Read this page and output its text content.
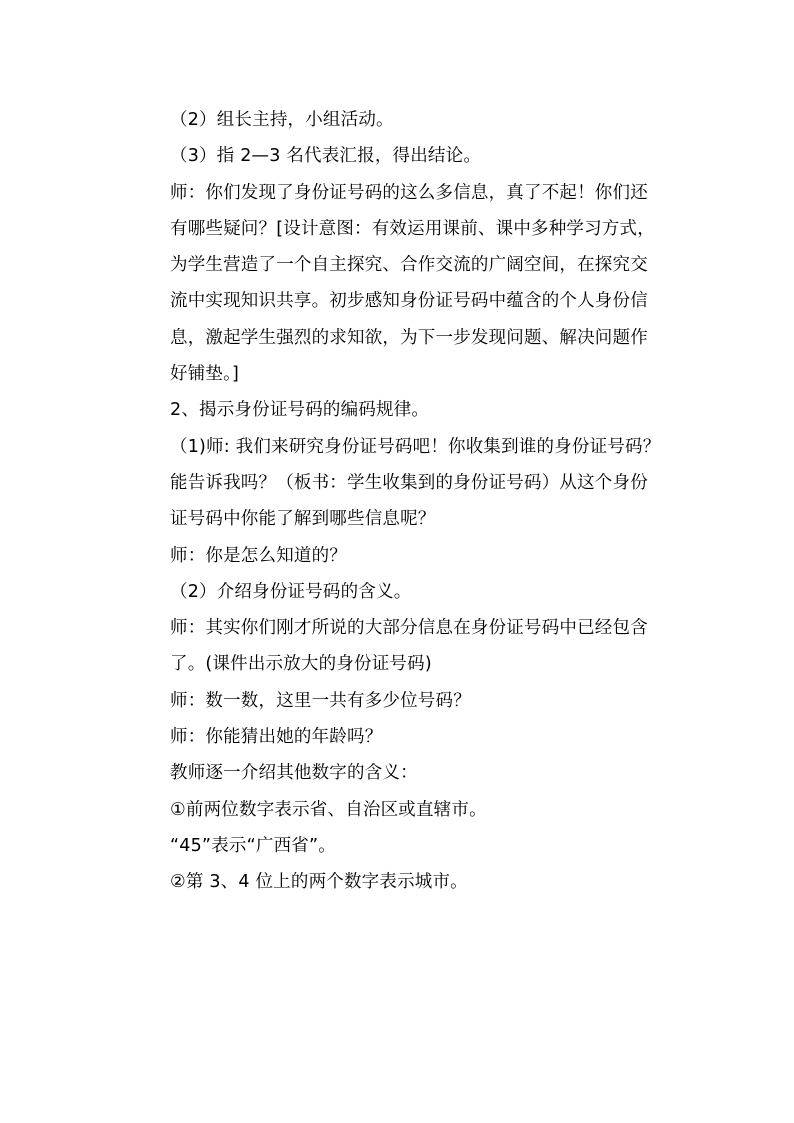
（2）组长主持，小组活动。
（3）指 2—3 名代表汇报，得出结论。
师：你们发现了身份证号码的这么多信息，真了不起！你们还
有哪些疑问？[设计意图：有效运用课前、课中多种学习方式，
为学生营造了一个自主探究、合作交流的广阔空间，在探究交
流中实现知识共享。初步感知身份证号码中蕴含的个人身份信
息，激起学生强烈的求知欲，为下一步发现问题、解决问题作
好铺垫。]
2、揭示身份证号码的编码规律。
（1)师: 我们来研究身份证号码吧！你收集到谁的身份证号码？
能告诉我吗？（板书：学生收集到的身份证号码）从这个身份
证号码中你能了解到哪些信息呢？
师：你是怎么知道的？
（2）介绍身份证号码的含义。
师：其实你们刚才所说的大部分信息在身份证号码中已经包含
了。(课件出示放大的身份证号码)
师：数一数，这里一共有多少位号码？
师：你能猜出她的年龄吗？
教师逐一介绍其他数字的含义：
①前两位数字表示省、自治区或直辖市。
“45”表示“广西省”。
②第 3、4 位上的两个数字表示城市。
